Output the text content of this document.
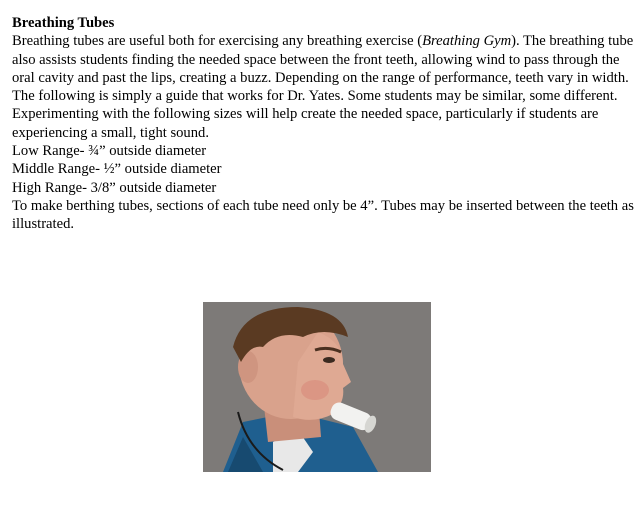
Breathing Tubes

Breathing tubes are useful both for exercising any breathing exercise (Breathing Gym). The breathing tube also assists students finding the needed space between the front teeth, allowing wind to pass through the oral cavity and past the lips, creating a buzz. Depending on the range of performance, teeth vary in width. The following is simply a guide that works for Dr. Yates. Some students may be similar, some different. Experimenting with the following sizes will help create the needed space, particularly if students are experiencing a small, tight sound.

Low Range- ¾” outside diameter

Middle Range- ½” outside diameter

High Range- 3/8” outside diameter

To make berthing tubes, sections of each tube need only be 4”. Tubes may be inserted between the teeth as illustrated.
